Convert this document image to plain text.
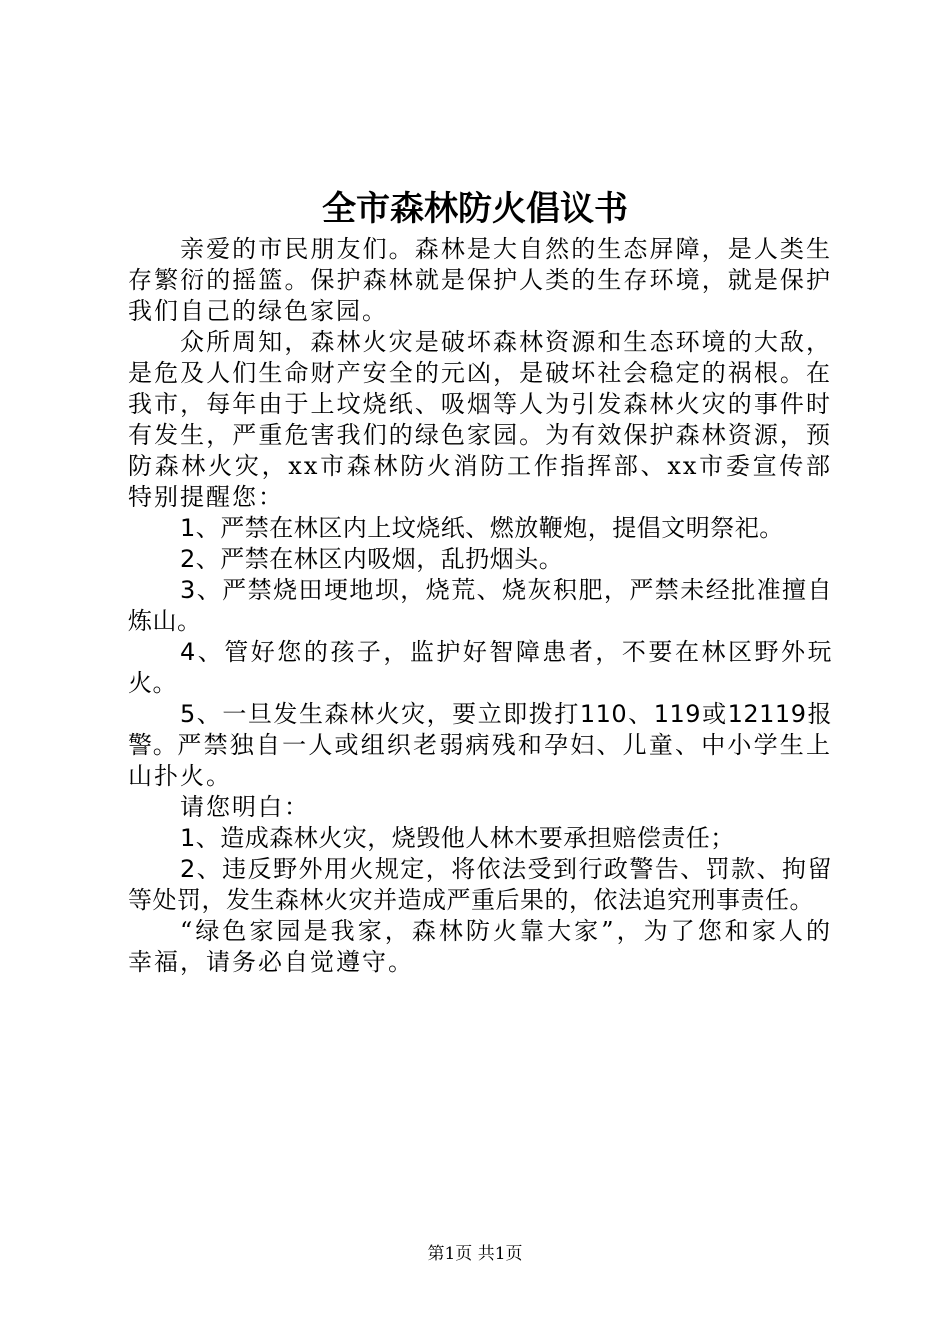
全市森林防火倡议书

亲爱的市民朋友们。森林是大自然的生态屏障，是人类生存繁衍的摇篮。保护森林就是保护人类的生存环境，就是保护我们自己的绿色家园。

众所周知，森林火灾是破坏森林资源和生态环境的大敌，是危及人们生命财产安全的元凶，是破坏社会稳定的祸根。在我市，每年由于上坟烧纸、吸烟等人为引发森林火灾的事件时有发生，严重危害我们的绿色家园。为有效保护森林资源，预防森林火灾，xx市森林防火消防工作指挥部、xx市委宣传部特别提醒您：

1、严禁在林区内上坟烧纸、燃放鞭炮，提倡文明祭祀。

2、严禁在林区内吸烟，乱扔烟头。

3、严禁烧田埂地坝，烧荒、烧灰积肥，严禁未经批准擅自炼山。

4、管好您的孩子，监护好智障患者，不要在林区野外玩火。

5、一旦发生森林火灾，要立即拨打110、119或12119报警。严禁独自一人或组织老弱病残和孕妇、儿童、中小学生上山扑火。

请您明白：

1、造成森林火灾，烧毁他人林木要承担赔偿责任；

2、违反野外用火规定，将依法受到行政警告、罚款、拘留等处罚，发生森林火灾并造成严重后果的，依法追究刑事责任。

“绿色家园是我家，森林防火靠大家”，为了您和家人的幸福，请务必自觉遵守。

第1页 共1页
